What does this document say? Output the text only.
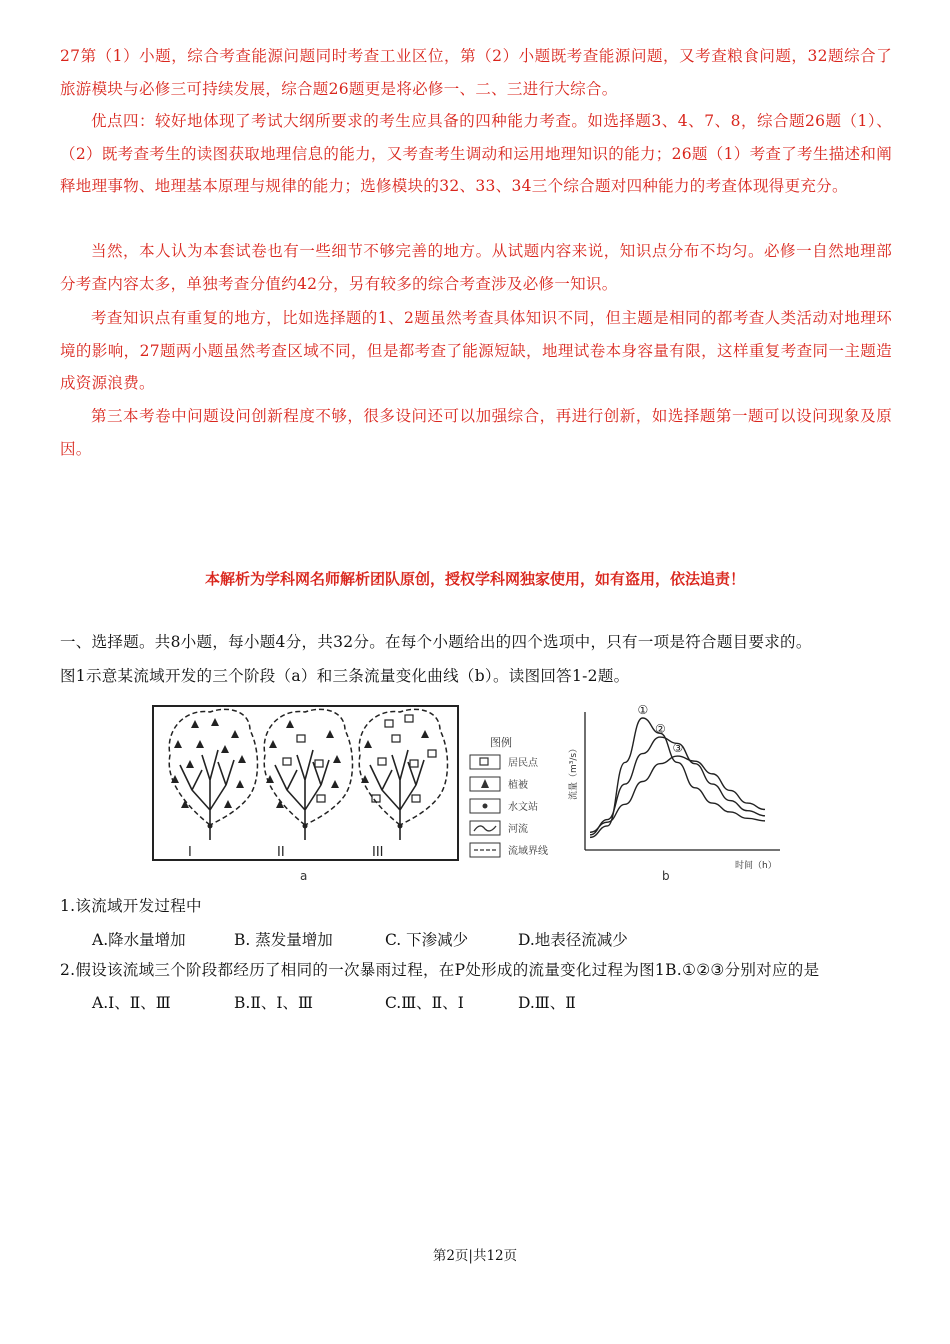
27第（1）小题，综合考查能源问题同时考查工业区位，第（2）小题既考查能源问题，又考查粮食问题，32题综合了旅游模块与必修三可持续发展，综合题26题更是将必修一、二、三进行大综合。
优点四：较好地体现了考试大纲所要求的考生应具备的四种能力考查。如选择题3、4、7、8，综合题26题（1）、（2）既考查考生的读图获取地理信息的能力，又考查考生调动和运用地理知识的能力；26题（1）考查了考生描述和阐释地理事物、地理基本原理与规律的能力；选修模块的32、33、34三个综合题对四种能力的考查体现得更充分。
当然，本人认为本套试卷也有一些细节不够完善的地方。从试题内容来说，知识点分布不均匀。必修一自然地理部分考查内容太多，单独考查分值约42分，另有较多的综合考查涉及必修一知识。
考查知识点有重复的地方，比如选择题的1、2题虽然考查具体知识不同，但主题是相同的都考查人类活动对地理环境的影响，27题两小题虽然考查区域不同，但是都考查了能源短缺，地理试卷本身容量有限，这样重复考查同一主题造成资源浪费。
第三本考卷中问题设问创新程度不够，很多设问还可以加强综合，再进行创新，如选择题第一题可以设问现象及原因。
本解析为学科网名师解析团队原创，授权学科网独家使用，如有盗用，依法追责！
一、选择题。共8小题，每小题4分，共32分。在每个小题给出的四个选项中，只有一项是符合题目要求的。
图1示意某流域开发的三个阶段（a）和三条流量变化曲线（b）。读图回答1-2题。
I	II	III
a
图例
居民点
植被
水文站
河流
流域界线
流量（m³/s）
时间（h）
b
①
②
③
1.该流域开发过程中
A.降水量增加	B. 蒸发量增加	C. 下渗减少	D.地表径流减少
2.假设该流域三个阶段都经历了相同的一次暴雨过程，在P处形成的流量变化过程为图1B.①②③分别对应的是
A.Ⅰ、Ⅱ、Ⅲ	B.Ⅱ、Ⅰ、Ⅲ	C.Ⅲ、Ⅱ、Ⅰ	D.Ⅲ、Ⅱ
第2页|共12页
